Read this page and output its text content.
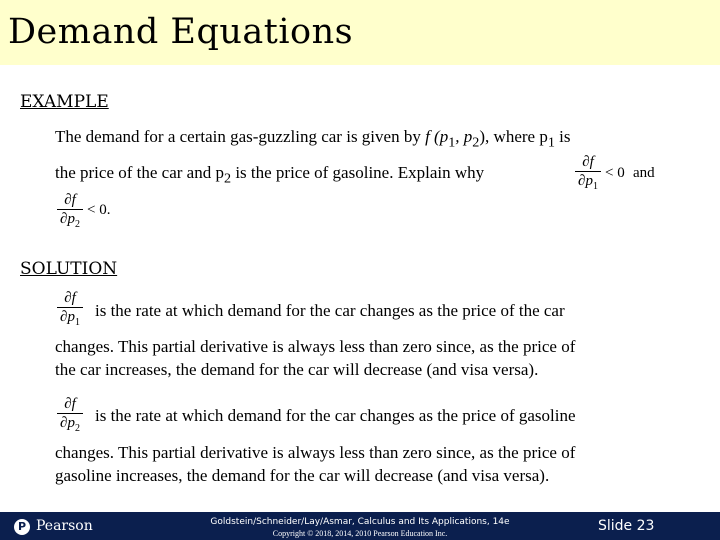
Demand Equations
EXAMPLE
The demand for a certain gas-guzzling car is given by f ($p_1$, $p_2$), where $p_1$ is
the price of the car and $p_2$ is the price of gasoline. Explain why
∂f
$\partial p_1$
< 0 and
∂f
$\partial p_2$
< 0.
SOLUTION
∂f
$\partial p_1$
is the rate at which demand for the car changes as the price of the car
changes. This partial derivative is always less than zero since, as the price of
the car increases, the demand for the car will decrease (and visa versa).
∂f
$\partial p_2$
is the rate at which demand for the car changes as the price of gasoline
changes. This partial derivative is always less than zero since, as the price of
gasoline increases, the demand for the car will decrease (and visa versa).
P Pearson	Goldstein/Schneider/Lay/Asmar, Calculus and Its Applications, 14e
Copyright © 2018, 2014, 2010 Pearson Education Inc.	Slide 23
